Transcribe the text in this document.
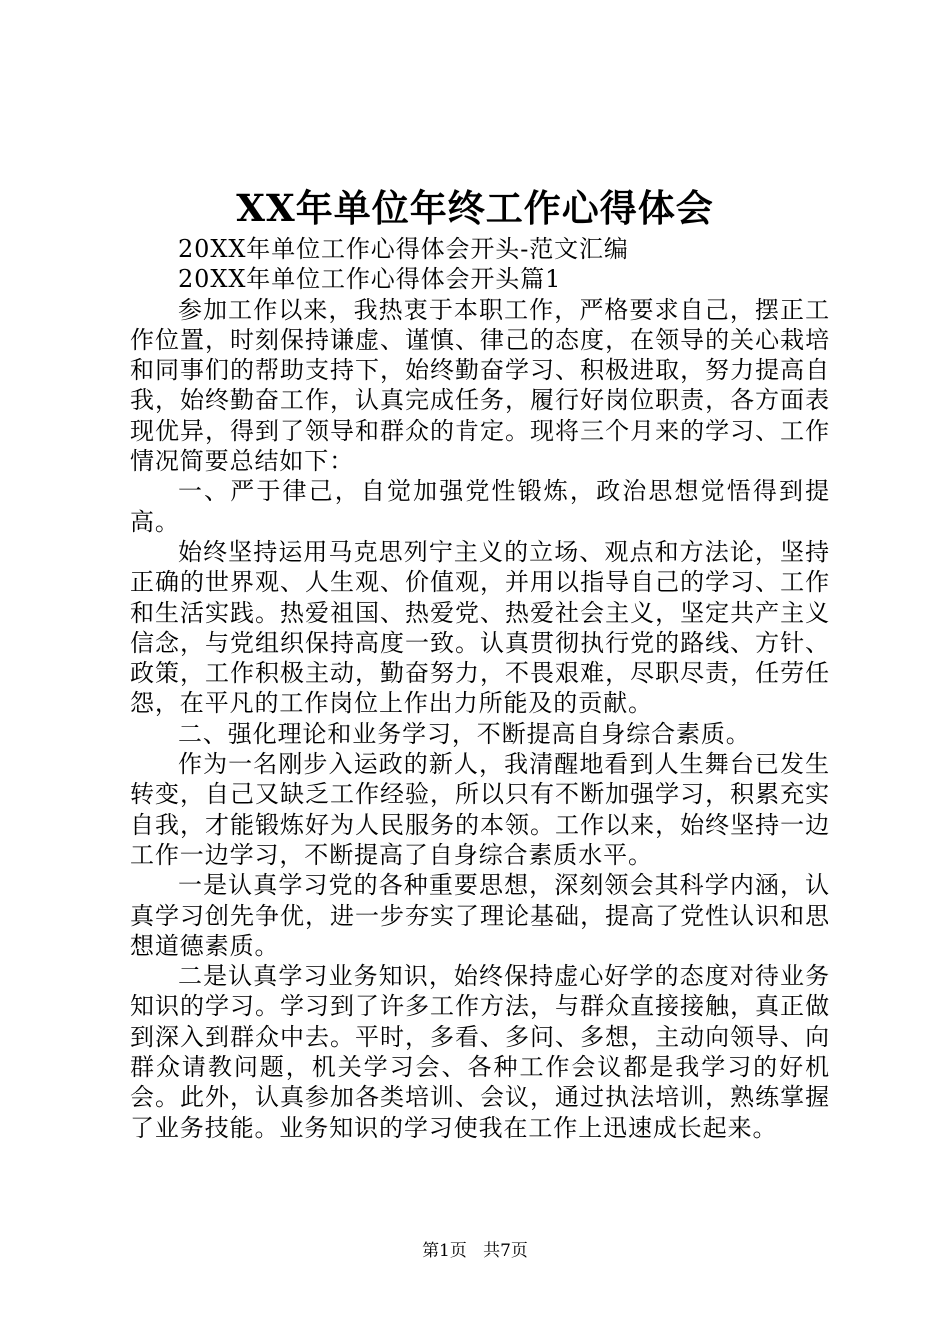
XX年单位年终工作心得体会

20XX年单位工作心得体会开头-范文汇编

20XX年单位工作心得体会开头篇1

参加工作以来，我热衷于本职工作，严格要求自己，摆正工作位置，时刻保持谦虚、谨慎、律己的态度，在领导的关心栽培和同事们的帮助支持下，始终勤奋学习、积极进取，努力提高自我，始终勤奋工作，认真完成任务，履行好岗位职责，各方面表现优异，得到了领导和群众的肯定。现将三个月来的学习、工作情况简要总结如下：

一、严于律己，自觉加强党性锻炼，政治思想觉悟得到提高。

始终坚持运用马克思列宁主义的立场、观点和方法论，坚持正确的世界观、人生观、价值观，并用以指导自己的学习、工作和生活实践。热爱祖国、热爱党、热爱社会主义，坚定共产主义信念，与党组织保持高度一致。认真贯彻执行党的路线、方针、政策，工作积极主动，勤奋努力，不畏艰难，尽职尽责，任劳任怨，在平凡的工作岗位上作出力所能及的贡献。

二、强化理论和业务学习，不断提高自身综合素质。

作为一名刚步入运政的新人，我清醒地看到人生舞台已发生转变，自己又缺乏工作经验，所以只有不断加强学习，积累充实自我，才能锻炼好为人民服务的本领。工作以来，始终坚持一边工作一边学习，不断提高了自身综合素质水平。

一是认真学习党的各种重要思想，深刻领会其科学内涵，认真学习创先争优，进一步夯实了理论基础，提高了党性认识和思想道德素质。

二是认真学习业务知识，始终保持虚心好学的态度对待业务知识的学习。学习到了许多工作方法，与群众直接接触，真正做到深入到群众中去。平时，多看、多问、多想，主动向领导、向群众请教问题，机关学习会、各种工作会议都是我学习的好机会。此外，认真参加各类培训、会议，通过执法培训，熟练掌握了业务技能。业务知识的学习使我在工作上迅速成长起来。

第1页 共7页
